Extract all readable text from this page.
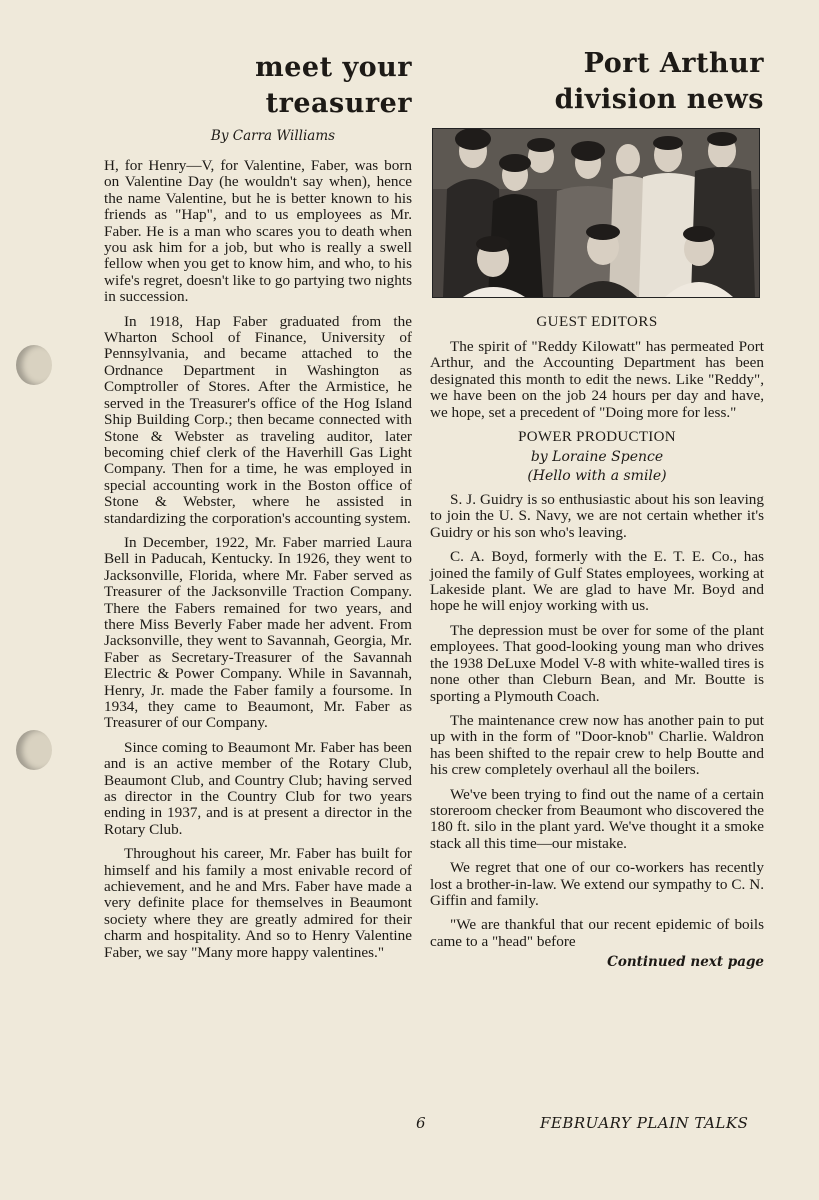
meet your
treasurer
By Carra Williams

H, for Henry—V, for Valentine, Faber, was born on Valentine Day (he wouldn't say when), hence the name Valentine, but he is better known to his friends as "Hap", and to us employees as Mr. Faber. He is a man who scares you to death when you ask him for a job, but who is really a swell fellow when you get to know him, and who, to his wife's regret, doesn't like to go partying two nights in succession.

In 1918, Hap Faber graduated from the Wharton School of Finance, University of Pennsylvania, and became attached to the Ordnance Department in Washington as Comptroller of Stores. After the Armistice, he served in the Treasurer's office of the Hog Island Ship Building Corp.; then became connected with Stone & Webster as traveling auditor, later becoming chief clerk of the Haverhill Gas Light Company. Then for a time, he was employed in special accounting work in the Boston office of Stone & Webster, where he assisted in standardizing the corporation's accounting system.

In December, 1922, Mr. Faber married Laura Bell in Paducah, Kentucky. In 1926, they went to Jacksonville, Florida, where Mr. Faber served as Treasurer of the Jacksonville Traction Company. There the Fabers remained for two years, and there Miss Beverly Faber made her advent. From Jacksonville, they went to Savannah, Georgia, Mr. Faber as Secretary-Treasurer of the Savannah Electric & Power Company. While in Savannah, Henry, Jr. made the Faber family a foursome. In 1934, they came to Beaumont, Mr. Faber as Treasurer of our Company.

Since coming to Beaumont Mr. Faber has been and is an active member of the Rotary Club, Beaumont Club, and Country Club; having served as director in the Country Club for two years ending in 1937, and is at present a director in the Rotary Club.

Throughout his career, Mr. Faber has built for himself and his family a most enivable record of achievement, and he and Mrs. Faber have made a very definite place for themselves in Beaumont society where they are greatly admired for their charm and hospitality. And so to Henry Valentine Faber, we say "Many more happy valentines."

Port Arthur
division news
GUEST EDITORS

The spirit of "Reddy Kilowatt" has permeated Port Arthur, and the Accounting Department has been designated this month to edit the news. Like "Reddy", we have been on the job 24 hours per day and have, we hope, set a precedent of "Doing more for less."

POWER PRODUCTION
by Loraine Spence
(Hello with a smile)

S. J. Guidry is so enthusiastic about his son leaving to join the U. S. Navy, we are not certain whether it's Guidry or his son who's leaving.

C. A. Boyd, formerly with the E. T. E. Co., has joined the family of Gulf States employees, working at Lakeside plant. We are glad to have Mr. Boyd and hope he will enjoy working with us.

The depression must be over for some of the plant employees. That good-looking young man who drives the 1938 DeLuxe Model V-8 with white-walled tires is none other than Cleburn Bean, and Mr. Boutte is sporting a Plymouth Coach.

The maintenance crew now has another pain to put up with in the form of "Door-knob" Charlie. Waldron has been shifted to the repair crew to help Boutte and his crew completely overhaul all the boilers.

We've been trying to find out the name of a certain storeroom checker from Beaumont who discovered the 180 ft. silo in the plant yard. We've thought it a smoke stack all this time—our mistake.

We regret that one of our co-workers has recently lost a brother-in-law. We extend our sympathy to C. N. Giffin and family.

"We are thankful that our recent epidemic of boils came to a "head" before

Continued next page
6	FEBRUARY PLAIN TALKS
